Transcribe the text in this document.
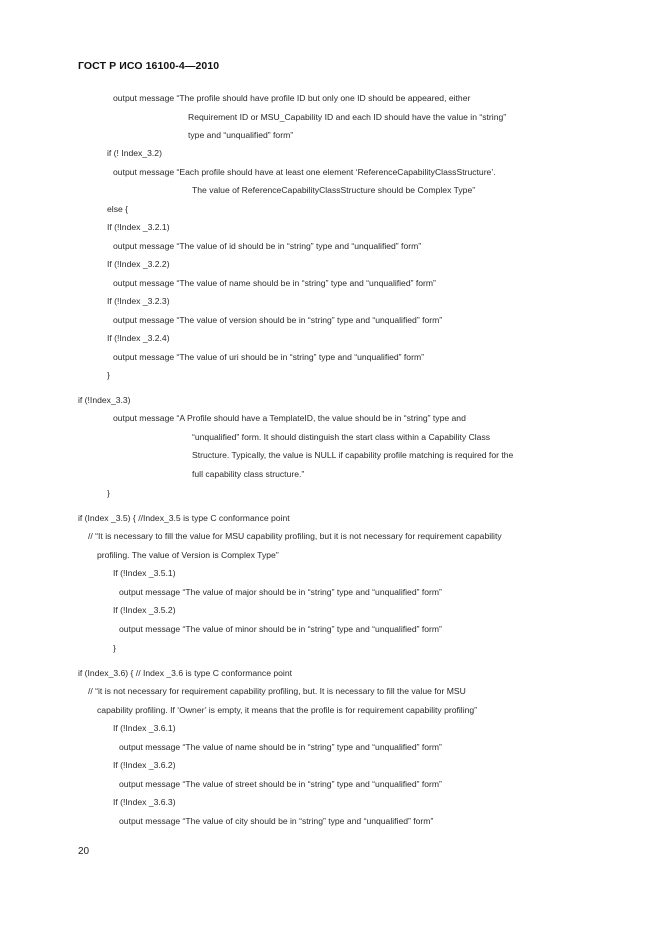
ГОСТ Р ИСО 16100-4—2010
output message “The profile should have profile ID but only one ID should be appeared, either
Requirement ID or MSU_Capability ID and each ID should have the value in “string”
type and “unqualified” form”
if (! Index_3.2)
output message “Each profile should have at least one element ‘ReferenceCapabilityClassStructure’.
The value of ReferenceCapabilityClassStructure should be Complex Type”
else {
If (!Index _3.2.1)
output message “The value of id should be in “string” type and “unqualified” form”
If (!Index _3.2.2)
output message “The value of name should be in “string” type and “unqualified” form”
If (!Index _3.2.3)
output message “The value of version should be in “string” type and “unqualified” form”
If (!Index _3.2.4)
output message “The value of uri should be in “string” type and “unqualified” form”
}
if (!Index_3.3)
output message “A Profile should have a TemplateID, the value should be in “string” type and
“unqualified” form. It should distinguish the start class within a Capability Class
Structure. Typically, the value is NULL if capability profile matching is required for the
full capability class structure.”
}
if (Index _3.5) { //Index_3.5 is type C conformance point
// “It is necessary to fill the value for MSU capability profiling, but it is not necessary for requirement capability
profiling. The value of Version is Complex Type”
If (!Index _3.5.1)
output message “The value of major should be in “string” type and “unqualified” form”
If (!Index _3.5.2)
output message “The value of minor should be in “string” type and “unqualified” form”
}
if (Index_3.6) { // Index _3.6 is type C conformance point
// “it is not necessary for requirement capability profiling, but. It is necessary to fill the value for MSU
capability profiling. If ‘Owner’ is empty, it means that the profile is for requirement capability profiling”
If (!Index _3.6.1)
output message “The value of name should be in “string” type and “unqualified” form”
If (!Index _3.6.2)
output message “The value of street should be in “string” type and “unqualified” form”
If (!Index _3.6.3)
output message “The value of city should be in “string” type and “unqualified” form”
20
